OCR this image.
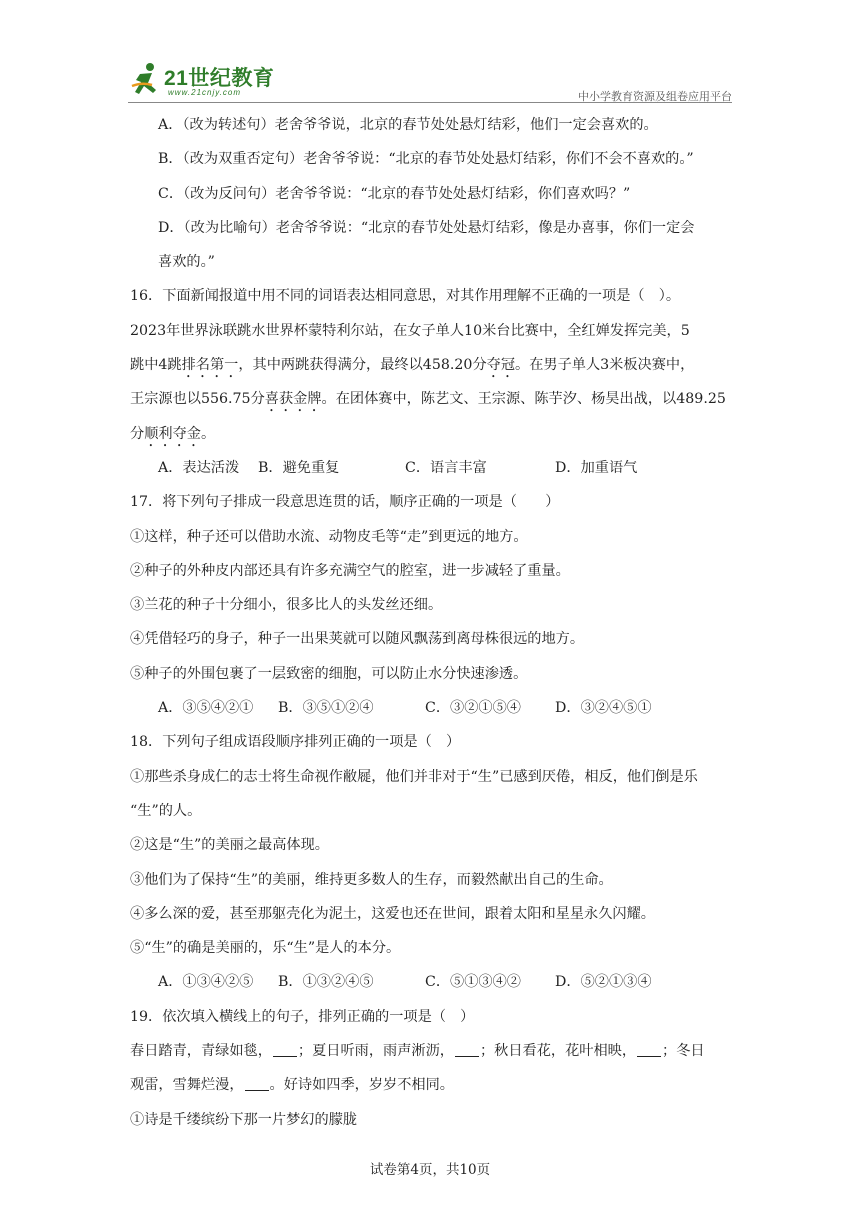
21世纪教育
www.21cnjy.com	中小学教育资源及组卷应用平台
A．（改为转述句）老舍爷爷说，北京的春节处处悬灯结彩，他们一定会喜欢的。
B．（改为双重否定句）老舍爷爷说：“北京的春节处处悬灯结彩，你们不会不喜欢的。”
C．（改为反问句）老舍爷爷说：“北京的春节处处悬灯结彩，你们喜欢吗？”
D．（改为比喻句）老舍爷爷说：“北京的春节处处悬灯结彩，像是办喜事，你们一定会
喜欢的。”
16．下面新闻报道中用不同的词语表达相同意思，对其作用理解不正确的一项是（　）。
2023年世界泳联跳水世界杯蒙特利尔站，在女子单人10米台比赛中，全红婵发挥完美，5
跳中4跳排名第一，其中两跳获得满分，最终以458.20分夺冠。在男子单人3米板决赛中，
王宗源也以556.75分喜获金牌。在团体赛中，陈艺文、王宗源、陈芋汐、杨昊出战，以489.25
分顺利夺金。
A．表达活泼 B．避免重复	C．语言丰富	D．加重语气
17．将下列句子排成一段意思连贯的话，顺序正确的一项是（　　）
①这样，种子还可以借助水流、动物皮毛等“走”到更远的地方。
②种子的外种皮内部还具有许多充满空气的腔室，进一步减轻了重量。
③兰花的种子十分细小，很多比人的头发丝还细。
④凭借轻巧的身子，种子一出果荚就可以随风飘荡到离母株很远的地方。
⑤种子的外围包裹了一层致密的细胞，可以防止水分快速渗透。
A．③⑤④②① B．③⑤①②④	C．③②①⑤④ D．③②④⑤①
18．下列句子组成语段顺序排列正确的一项是（　）
①那些杀身成仁的志士将生命视作敝屣，他们并非对于“生”已感到厌倦，相反，他们倒是乐
“生”的人。
②这是“生”的美丽之最高体现。
③他们为了保持“生”的美丽，维持更多数人的生存，而毅然献出自己的生命。
④多么深的爱，甚至那躯壳化为泥土，这爱也还在世间，跟着太阳和星星永久闪耀。
⑤“生”的确是美丽的，乐“生”是人的本分。
A．①③④②⑤ B．①③②④⑤	C．⑤①③④② D．⑤②①③④
19．依次填入横线上的句子，排列正确的一项是（　）
春日踏青，青绿如毯， ；夏日听雨，雨声淅沥， ；秋日看花，花叶相映， ；冬日
观雷，雪舞烂漫， 。好诗如四季，岁岁不相同。
①诗是千缕缤纷下那一片梦幻的朦胧
试卷第4页，共10页
